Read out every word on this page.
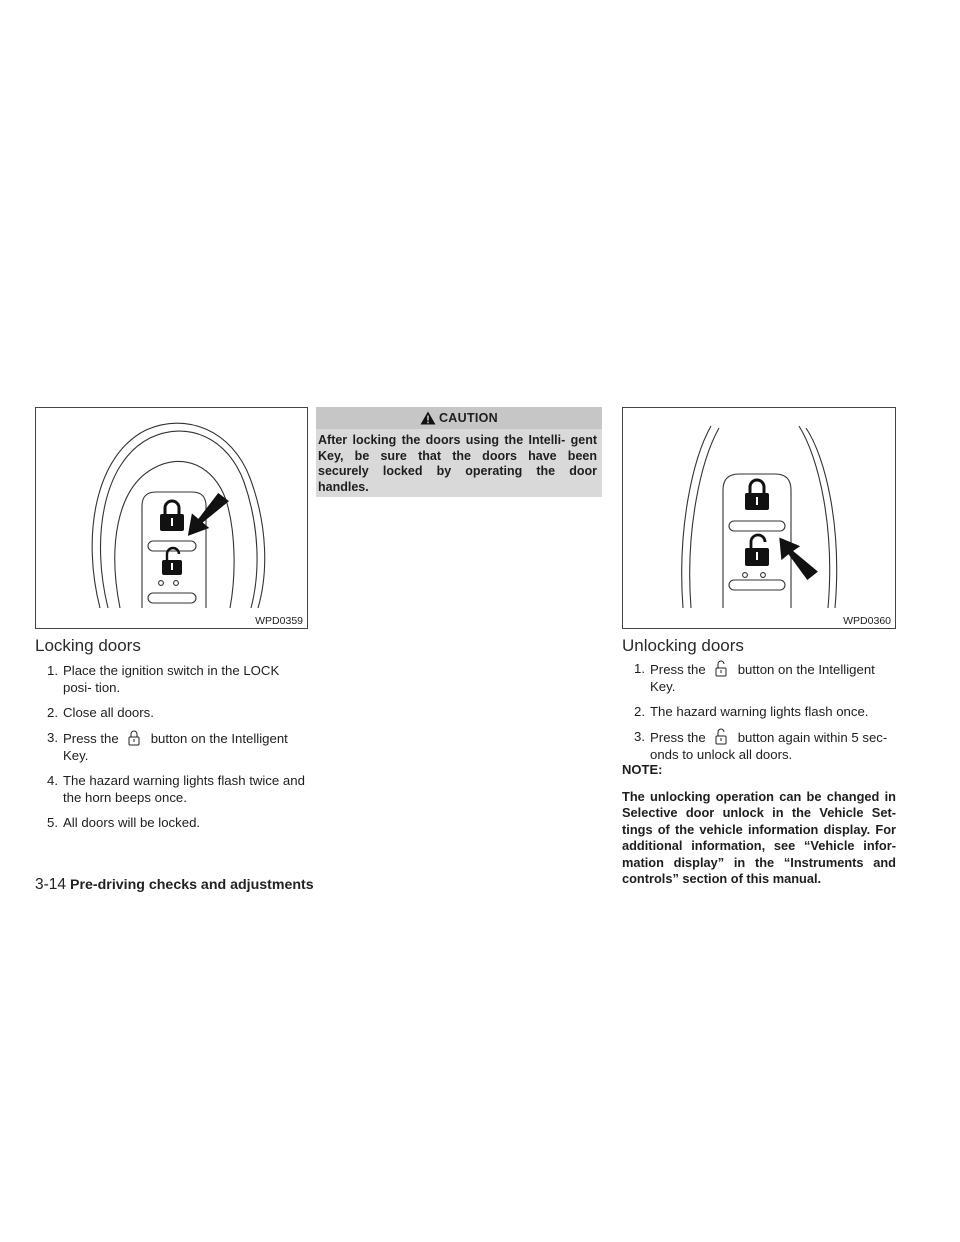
WPD0359
Locking doors
1. Place the ignition switch in the LOCK posi- tion.
2. Close all doors.
3. Press the button on the Intelligent Key.
4. The hazard warning lights flash twice and the horn beeps once.
5. All doors will be locked.
CAUTION
After locking the doors using the Intelli- gent Key, be sure that the doors have been securely locked by operating the door handles.
WPD0360
Unlocking doors
1. Press the button on the Intelligent Key.
2. The hazard warning lights flash once.
3. Press the button again within 5 sec- onds to unlock all doors.

NOTE:

The unlocking operation can be changed in Selective door unlock in the Vehicle Set- tings of the vehicle information display. For additional information, see “Vehicle infor- mation display” in the “Instruments and controls” section of this manual.

3-14 Pre-driving checks and adjustments
